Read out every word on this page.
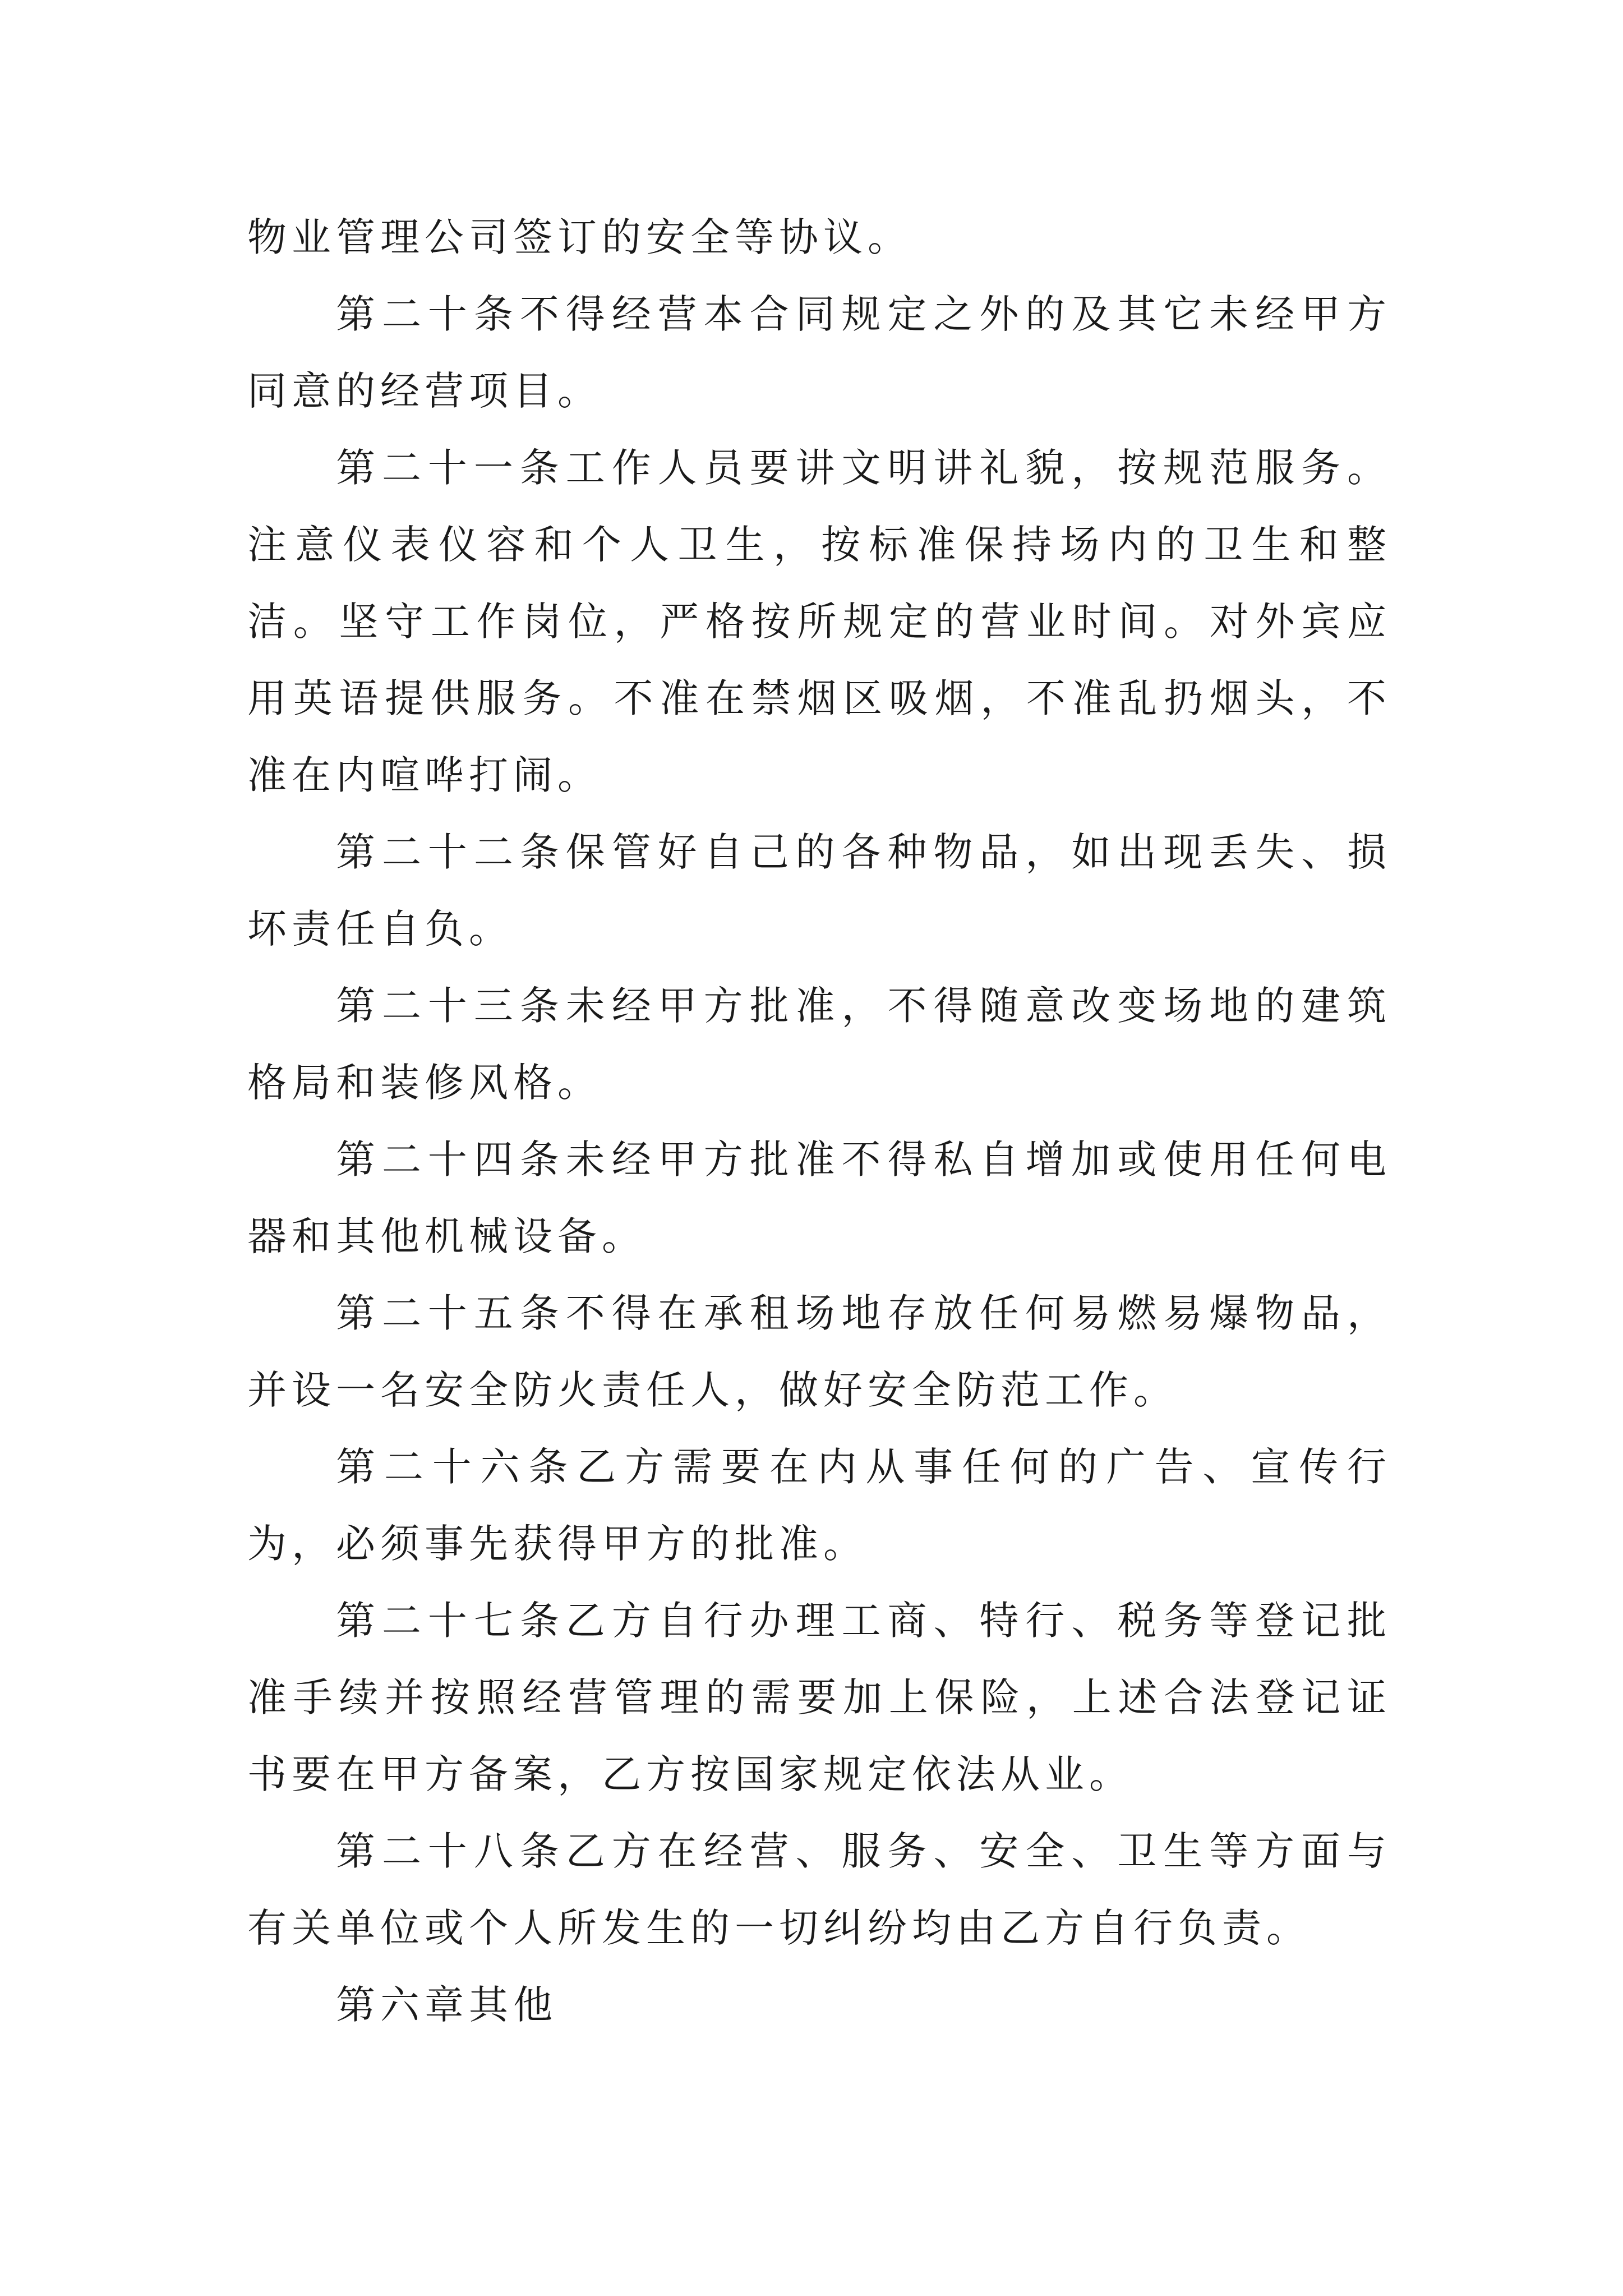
物业管理公司签订的安全等协议。

第二十条不得经营本合同规定之外的及其它未经甲方同意的经营项目。

第二十一条工作人员要讲文明讲礼貌，按规范服务。注意仪表仪容和个人卫生，按标准保持场内的卫生和整洁。坚守工作岗位，严格按所规定的营业时间。对外宾应用英语提供服务。不准在禁烟区吸烟，不准乱扔烟头，不准在内喧哗打闹。

第二十二条保管好自己的各种物品，如出现丢失、损坏责任自负。

第二十三条未经甲方批准，不得随意改变场地的建筑格局和装修风格。

第二十四条未经甲方批准不得私自增加或使用任何电器和其他机械设备。

第二十五条不得在承租场地存放任何易燃易爆物品，并设一名安全防火责任人，做好安全防范工作。

第二十六条乙方需要在内从事任何的广告、宣传行为，必须事先获得甲方的批准。

第二十七条乙方自行办理工商、特行、税务等登记批准手续并按照经营管理的需要加上保险，上述合法登记证书要在甲方备案，乙方按国家规定依法从业。

第二十八条乙方在经营、服务、安全、卫生等方面与有关单位或个人所发生的一切纠纷均由乙方自行负责。

第六章其他
